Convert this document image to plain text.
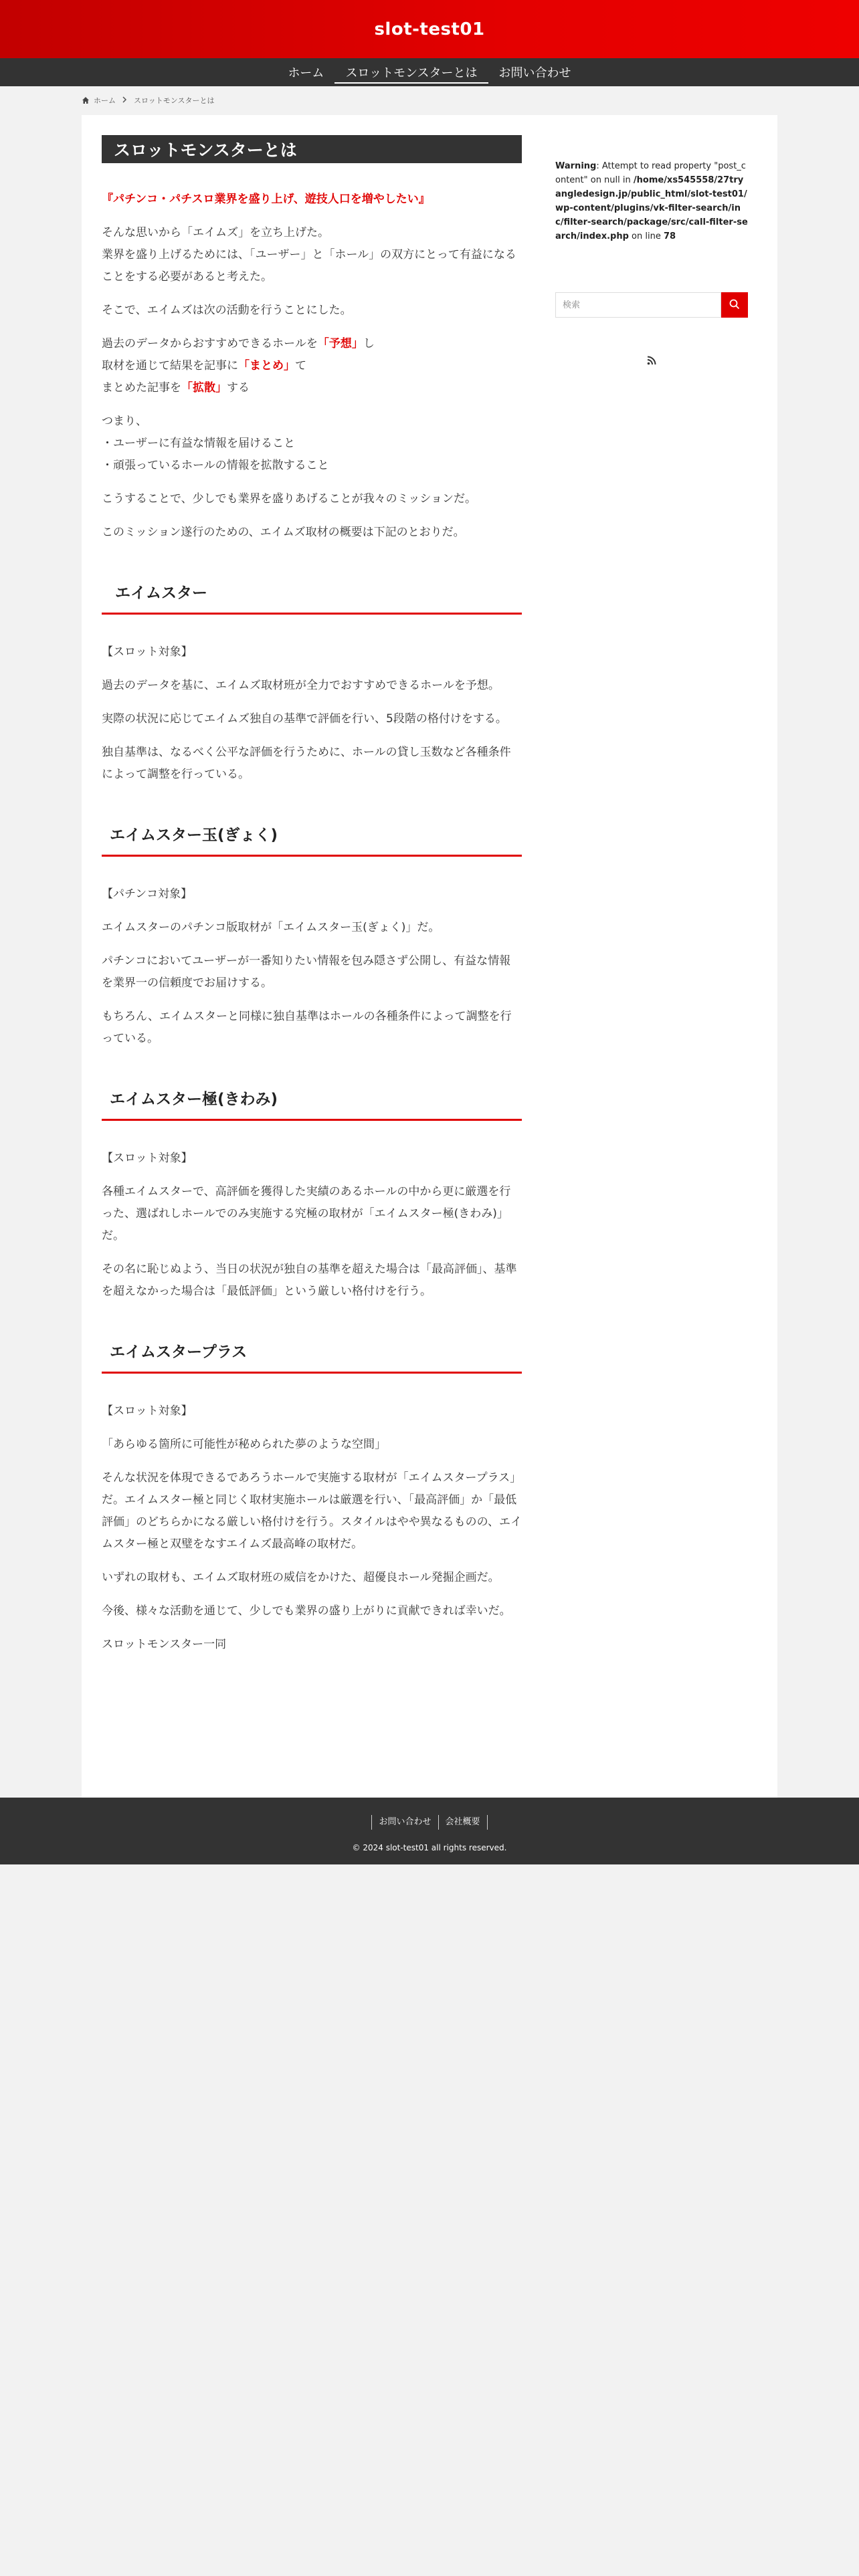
slot-test01
ホーム	スロットモンスターとは	お問い合わせ
ホーム スロットモンスターとは
スロットモンスターとは

『パチンコ・パチスロ業界を盛り上げ、遊技人口を増やしたい』

そんな思いから「エイムズ」を立ち上げた。
業界を盛り上げるためには、「ユーザー」と「ホール」の双方にとって有益になることをする必要があると考えた。

そこで、エイムズは次の活動を行うことにした。

過去のデータからおすすめできるホールを「予想」し
取材を通じて結果を記事に「まとめ」て
まとめた記事を「拡散」する

つまり、
・ユーザーに有益な情報を届けること
・頑張っているホールの情報を拡散すること

こうすることで、少しでも業界を盛りあげることが我々のミッションだ。

このミッション遂行のための、エイムズ取材の概要は下記のとおりだ。

エイムスター

【スロット対象】

過去のデータを基に、エイムズ取材班が全力でおすすめできるホールを予想。

実際の状況に応じてエイムズ独自の基準で評価を行い、5段階の格付けをする。

独自基準は、なるべく公平な評価を行うために、ホールの貸し玉数など各種条件によって調整を行っている。

エイムスター玉(ぎょく)

【パチンコ対象】

エイムスターのパチンコ版取材が「エイムスター玉(ぎょく)」だ。

パチンコにおいてユーザーが一番知りたい情報を包み隠さず公開し、有益な情報を業界一の信頼度でお届けする。

もちろん、エイムスターと同様に独自基準はホールの各種条件によって調整を行っている。

エイムスター極(きわみ)

【スロット対象】

各種エイムスターで、高評価を獲得した実績のあるホールの中から更に厳選を行った、選ばれしホールでのみ実施する究極の取材が「エイムスター極(きわみ)」だ。

その名に恥じぬよう、当日の状況が独自の基準を超えた場合は「最高評価」、基準を超えなかった場合は「最低評価」という厳しい格付けを行う。

エイムスタープラス

【スロット対象】

「あらゆる箇所に可能性が秘められた夢のような空間」

そんな状況を体現できるであろうホールで実施する取材が「エイムスタープラス」だ。エイムスター極と同じく取材実施ホールは厳選を行い、「最高評価」か「最低評価」のどちらかになる厳しい格付けを行う。スタイルはやや異なるものの、エイムスター極と双璧をなすエイムズ最高峰の取材だ。

いずれの取材も、エイムズ取材班の威信をかけた、超優良ホール発掘企画だ。

今後、様々な活動を通じて、少しでも業界の盛り上がりに貢献できれば幸いだ。

スロットモンスター一同

Warning: Attempt to read property "post_content" on null in /home/xs545558/27tryangledesign.jp/public_html/slot-test01/wp-content/plugins/vk-filter-search/inc/filter-search/package/src/call-filter-search/index.php on line 78
検索
お問い合わせ	会社概要
© 2024 slot-test01 all rights reserved.
